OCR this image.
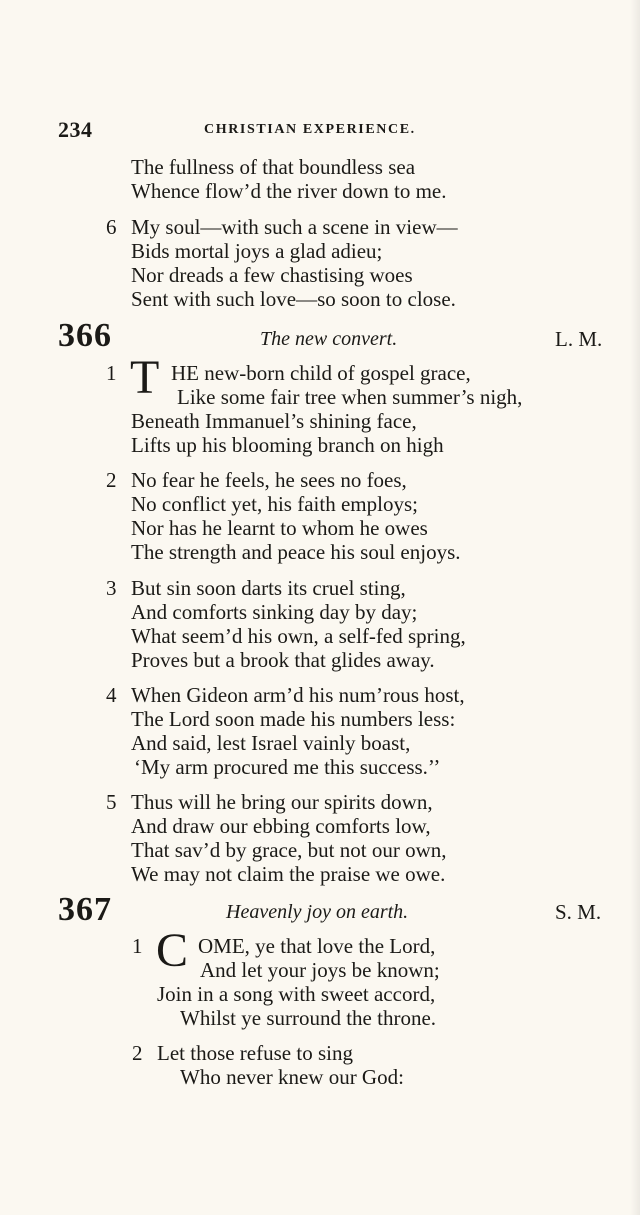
234	CHRISTIAN EXPERIENCE.
The fullness of that boundless sea
Whence flow’d the river down to me.
6 My soul—with such a scene in view—
Bids mortal joys a glad adieu;
Nor dreads a few chastising woes
Sent with such love—so soon to close.
366	The new convert.	L. M.
1 T HE new-born child of gospel grace,
Like some fair tree when summer’s nigh,
Beneath Immanuel’s shining face,
Lifts up his blooming branch on high
2 No fear he feels, he sees no foes,
No conflict yet, his faith employs;
Nor has he learnt to whom he owes
The strength and peace his soul enjoys.
3 But sin soon darts its cruel sting,
And comforts sinking day by day;
What seem’d his own, a self-fed spring,
Proves but a brook that glides away.
4 When Gideon arm’d his num’rous host,
The Lord soon made his numbers less:
And said, lest Israel vainly boast,
‘My arm procured me this success.’’
5 Thus will he bring our spirits down,
And draw our ebbing comforts low,
That sav’d by grace, but not our own,
We may not claim the praise we owe.
367	Heavenly joy on earth.	S. M.
1 C OME, ye that love the Lord,
And let your joys be known;
Join in a song with sweet accord,
Whilst ye surround the throne.
2 Let those refuse to sing
Who never knew our God:
